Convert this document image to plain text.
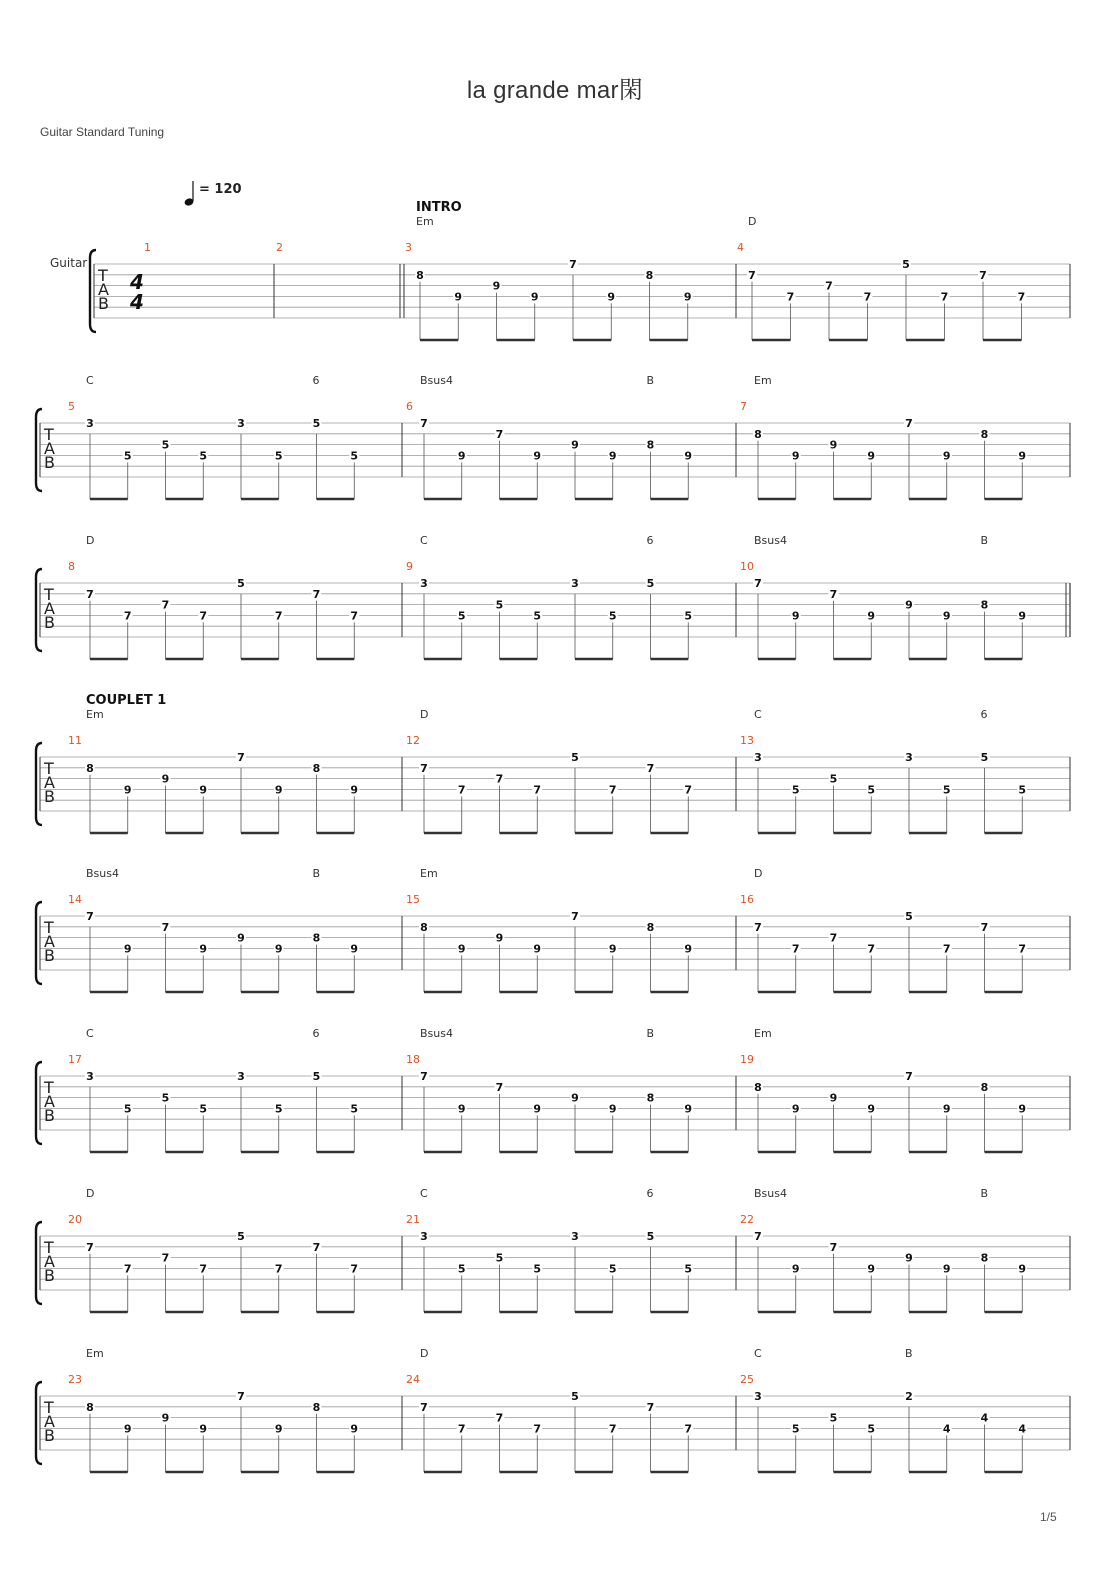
la grande mar閑
Guitar Standard Tuning
= 120
Guitar
T
A
B
4
4
1	2	3
INTRO
Em
8
9
9
9
7
9
8
9
4
D
7
7
7
7
5
7
7
7
T
A
B
5
C	6
3
5
5
5
3
5
5
5
6
Bsus4	B
7
9
7
9
9
9
8
9
7
Em
8
9
9
9
7
9
8
9
T
A
B
8
D
7
7
7
7
5
7
7
7
9
C	6
3
5
5
5
3
5
5
5
10
Bsus4	B
7
9
7
9
9
9
8
9
T
A
B
11
COUPLET 1
Em
8
9
9
9
7
9
8
9
12
D
7
7
7
7
5
7
7
7
13
C	6
3
5
5
5
3
5
5
5
T
A
B
14
Bsus4	B
7
9
7
9
9
9
8
9
15
Em
8
9
9
9
7
9
8
9
16
D
7
7
7
7
5
7
7
7
T
A
B
17
C	6
3
5
5
5
3
5
5
5
18
Bsus4	B
7
9
7
9
9
9
8
9
19
Em
8
9
9
9
7
9
8
9
T
A
B
20
D
7
7
7
7
5
7
7
7
21
C	6
3
5
5
5
3
5
5
5
22
Bsus4	B
7
9
7
9
9
9
8
9
T
A
B
23
Em
8
9
9
9
7
9
8
9
24
D
7
7
7
7
5
7
7
7
25
C	B
3
5
5
5
2
4
4
4
1/5
